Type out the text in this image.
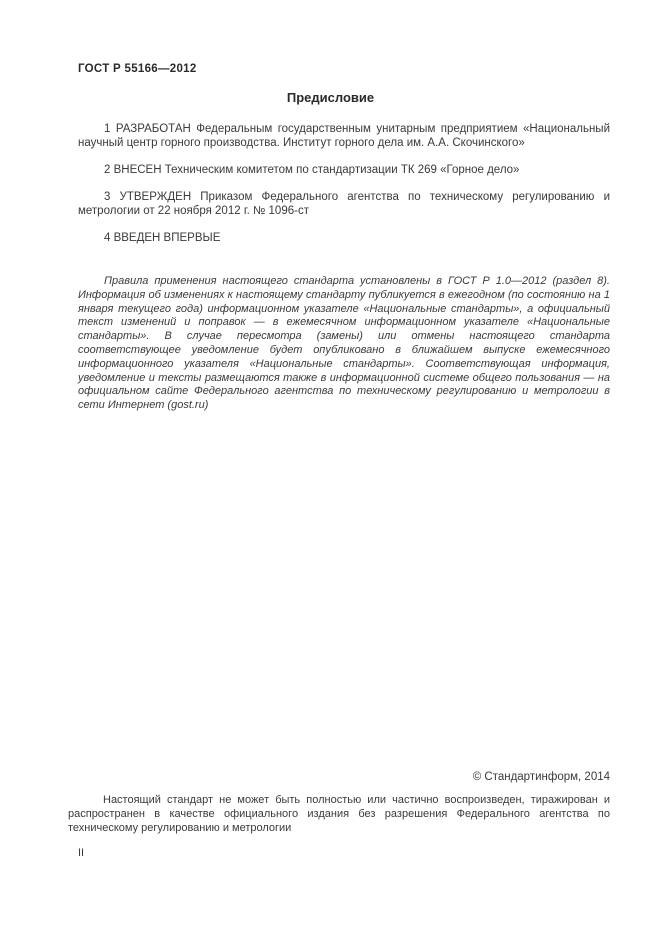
ГОСТ Р 55166—2012
Предисловие

1 РАЗРАБОТАН Федеральным государственным унитарным предприятием «Национальный научный центр горного производства. Институт горного дела им. А.А. Скочинского»

2 ВНЕСЕН Техническим комитетом по стандартизации ТК 269 «Горное дело»

3 УТВЕРЖДЕН Приказом Федерального агентства по техническому регулированию и метрологии от 22 ноября 2012 г. № 1096-ст

4 ВВЕДЕН ВПЕРВЫЕ

Правила применения настоящего стандарта установлены в ГОСТ Р 1.0—2012 (раздел 8). Информация об изменениях к настоящему стандарту публикуется в ежегодном (по состоянию на 1 января текущего года) информационном указателе «Национальные стандарты», а официальный текст изменений и поправок — в ежемесячном информационном указателе «Национальные стандарты». В случае пересмотра (замены) или отмены настоящего стандарта соответствующее уведомление будет опубликовано в ближайшем выпуске ежемесячного информационного указателя «Национальные стандарты». Соответствующая информация, уведомление и тексты размещаются также в информационной системе общего пользования — на официальном сайте Федерального агентства по техническому регулированию и метрологии в сети Интернет (gost.ru)

© Стандартинформ, 2014

Настоящий стандарт не может быть полностью или частично воспроизведен, тиражирован и распространен в качестве официального издания без разрешения Федерального агентства по техническому регулированию и метрологии

II
